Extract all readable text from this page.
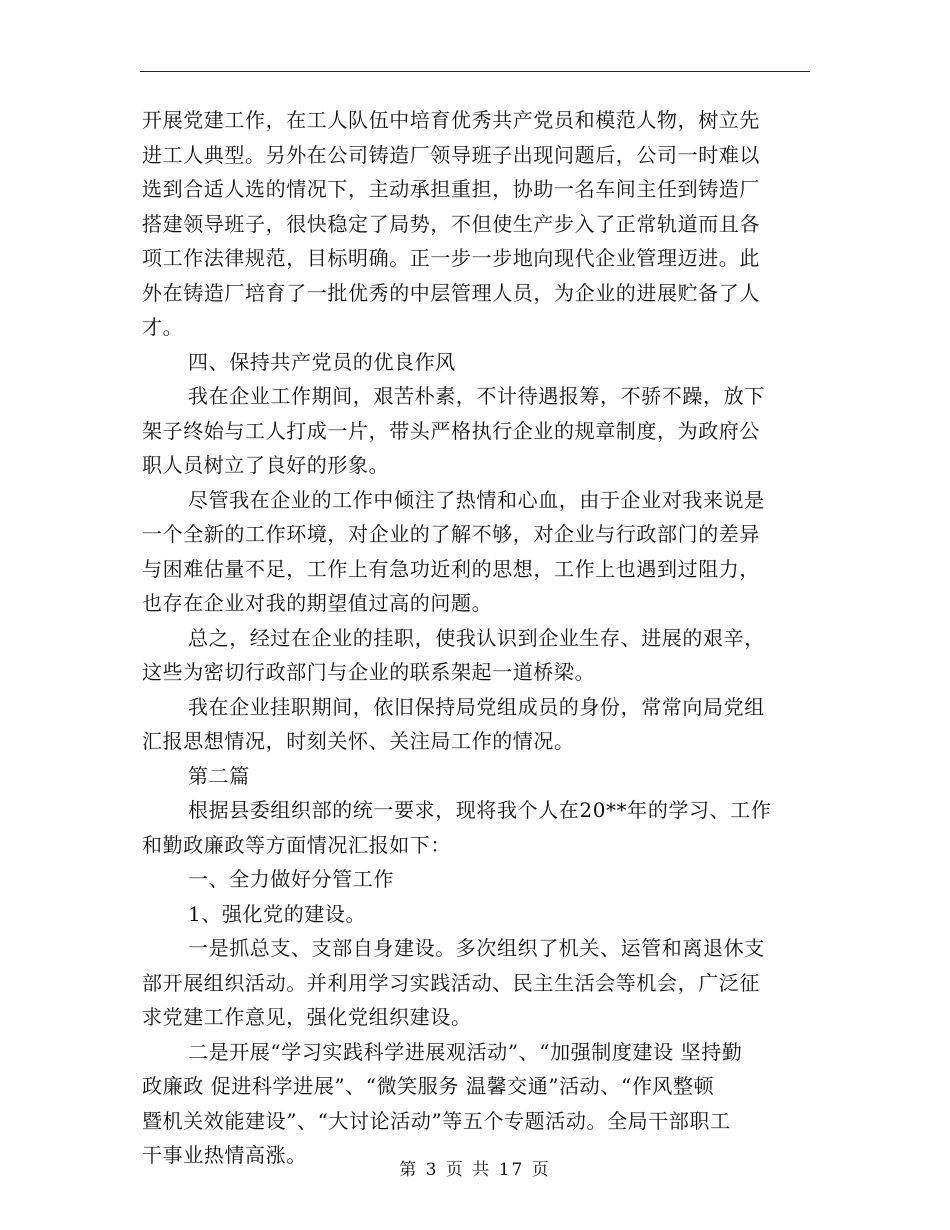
开展党建工作，在工人队伍中培育优秀共产党员和模范人物，树立先
进工人典型。另外在公司铸造厂领导班子出现问题后，公司一时难以
选到合适人选的情况下，主动承担重担，协助一名车间主任到铸造厂
搭建领导班子，很快稳定了局势，不但使生产步入了正常轨道而且各
项工作法律规范，目标明确。正一步一步地向现代企业管理迈进。此
外在铸造厂培育了一批优秀的中层管理人员，为企业的进展贮备了人
才。
四、保持共产党员的优良作风
我在企业工作期间，艰苦朴素，不计待遇报筹，不骄不躁，放下
架子终始与工人打成一片，带头严格执行企业的规章制度，为政府公
职人员树立了良好的形象。
尽管我在企业的工作中倾注了热情和心血，由于企业对我来说是
一个全新的工作环境，对企业的了解不够，对企业与行政部门的差异
与困难估量不足，工作上有急功近利的思想，工作上也遇到过阻力，
也存在企业对我的期望值过高的问题。
总之，经过在企业的挂职，使我认识到企业生存、进展的艰辛，
这些为密切行政部门与企业的联系架起一道桥梁。
我在企业挂职期间，依旧保持局党组成员的身份，常常向局党组
汇报思想情况，时刻关怀、关注局工作的情况。
第二篇
根据县委组织部的统一要求，现将我个人在20**年的学习、工作
和勤政廉政等方面情况汇报如下：
一、全力做好分管工作
1、强化党的建设。
一是抓总支、支部自身建设。多次组织了机关、运管和离退休支
部开展组织活动。并利用学习实践活动、民主生活会等机会，广泛征
求党建工作意见，强化党组织建设。
二是开展“学习实践科学进展观活动”、“加强制度建设 坚持勤
政廉政 促进科学进展”、“微笑服务 温馨交通”活动、“作风整顿
暨机关效能建设”、“大讨论活动”等五个专题活动。全局干部职工
干事业热情高涨。
第 3 页 共 17 页
